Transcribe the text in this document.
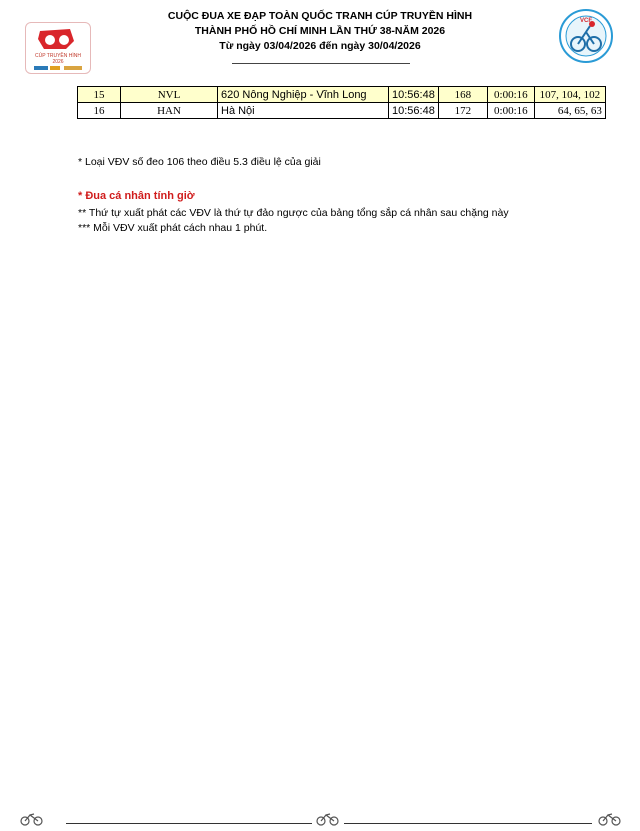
CÚP TRUYỀN HÌNH
2026
VCF
CUỘC ĐUA XE ĐẠP TOÀN QUỐC TRANH CÚP TRUYỀN HÌNH
THÀNH PHỐ HỒ CHÍ MINH LẦN THỨ 38-NĂM 2026
Từ ngày 03/04/2026 đến ngày 30/04/2026
15	NVL	620 Nông Nghiệp - Vĩnh Long	10:56:48	168	0:00:16	107, 104, 102
16	HAN	Hà Nội	10:56:48	172	0:00:16	64, 65, 63
* Loại VĐV số đeo 106 theo điều 5.3 điều lệ của giải
* Đua cá nhân tính giờ
** Thứ tự xuất phát các VĐV là thứ tự đảo ngược của bảng tổng sắp cá nhân sau chặng này
*** Mỗi VĐV xuất phát cách nhau 1 phút.
